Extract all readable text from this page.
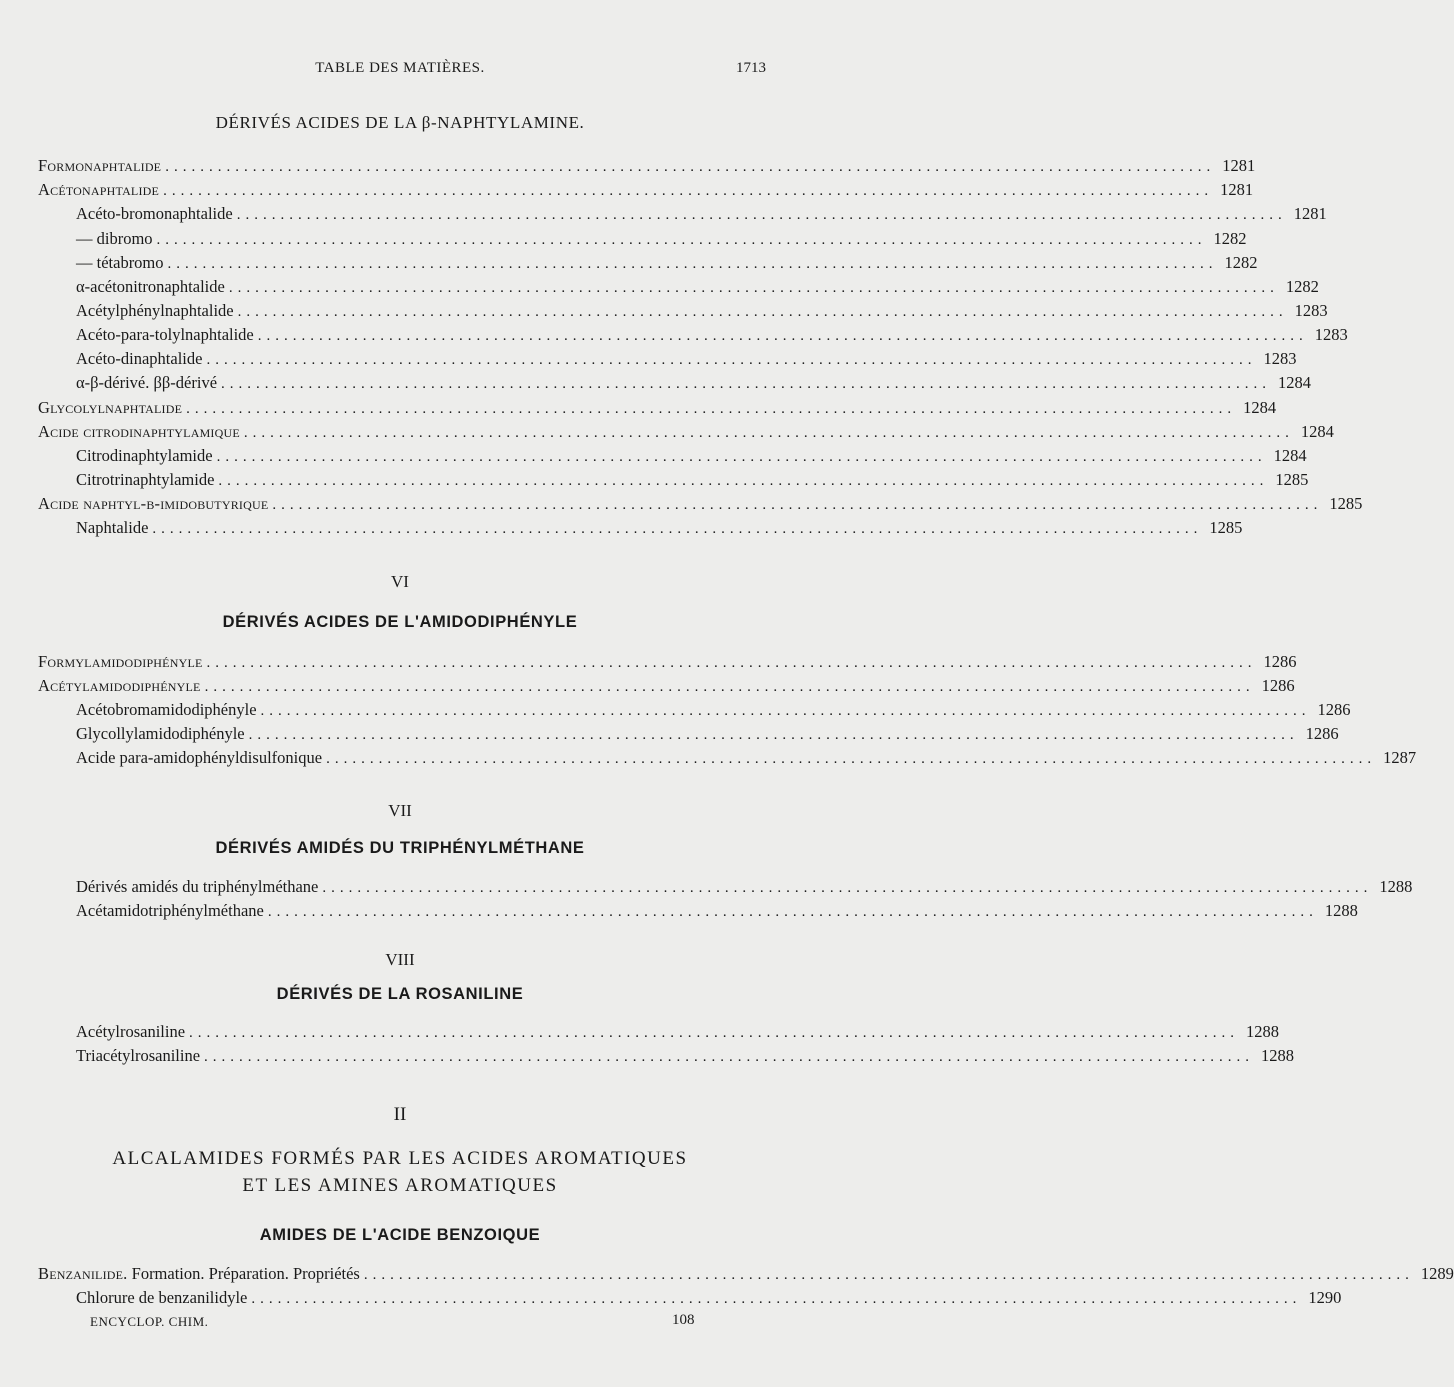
TABLE DES MATIÈRES.	1713
DÉRIVÉS ACIDES DE LA β-NAPHTYLAMINE.
Formonaphtalide ........................................................................................................................ 1281
Acétonaphtalide ........................................................................................................................ 1281
Acéto-bromonaphtalide ........................................................................................................................ 1281
— dibromo ........................................................................................................................ 1282
— tétabromo ........................................................................................................................ 1282
α-acétonitronaphtalide ........................................................................................................................ 1282
Acétylphénylnaphtalide ........................................................................................................................ 1283
Acéto-para-tolylnaphtalide ........................................................................................................................ 1283
Acéto-dinaphtalide ........................................................................................................................ 1283
α-β-dérivé. ββ-dérivé ........................................................................................................................ 1284
Glycolylnaphtalide ........................................................................................................................ 1284
Acide citrodinaphtylamique ........................................................................................................................ 1284
Citrodinaphtylamide ........................................................................................................................ 1284
Citrotrinaphtylamide ........................................................................................................................ 1285
Acide naphtyl-β-imidobutyrique ........................................................................................................................ 1285
Naphtalide ........................................................................................................................ 1285
VI
DÉRIVÉS ACIDES DE L'AMIDODIPHÉNYLE
Formylamidodiphényle ........................................................................................................................ 1286
Acétylamidodiphényle ........................................................................................................................ 1286
Acétobromamidodiphényle ........................................................................................................................ 1286
Glycollylamidodiphényle ........................................................................................................................ 1286
Acide para-amidophényldisulfonique ........................................................................................................................ 1287
VII
DÉRIVÉS AMIDÉS DU TRIPHÉNYLMÉTHANE
Dérivés amidés du triphénylméthane ........................................................................................................................ 1288
Acétamidotriphénylméthane ........................................................................................................................ 1288
VIII
DÉRIVÉS DE LA ROSANILINE
Acétylrosaniline ........................................................................................................................ 1288
Triacétylrosaniline ........................................................................................................................ 1288
II
ALCALAMIDES FORMÉS PAR LES ACIDES AROMATIQUES
ET LES AMINES AROMATIQUES
AMIDES DE L'ACIDE BENZOIQUE
Benzanilide. Formation. Préparation. Propriétés ........................................................................................................................ 1289
Chlorure de benzanilidyle ........................................................................................................................ 1290
ENCYCLOP. CHIM.	108
